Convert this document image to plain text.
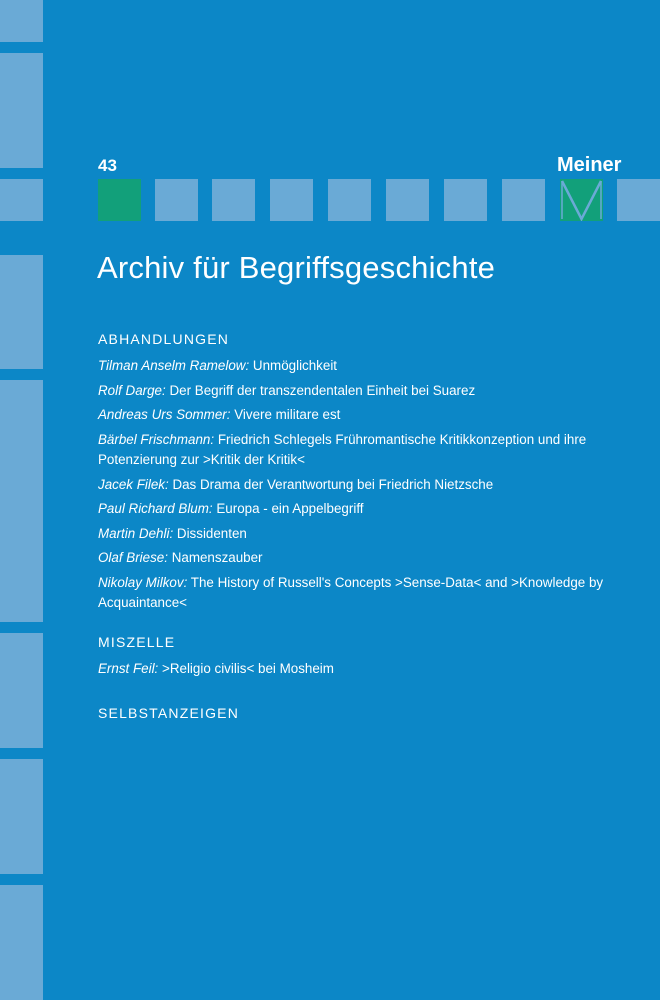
43	Meiner

Archiv für Begriffsgeschichte
ABHANDLUNGEN

Tilman Anselm Ramelow: Unmöglichkeit

Rolf Darge: Der Begriff der transzendentalen Einheit bei Suarez

Andreas Urs Sommer: Vivere militare est

Bärbel Frischmann: Friedrich Schlegels Frühromantische Kritikkonzeption und ihre Potenzierung zur >Kritik der Kritik<

Jacek Filek: Das Drama der Verantwortung bei Friedrich Nietzsche

Paul Richard Blum: Europa - ein Appelbegriff

Martin Dehli: Dissidenten

Olaf Briese: Namenszauber

Nikolay Milkov: The History of Russell's Concepts >Sense-Data< and >Knowledge by Acquaintance<

MISZELLE

Ernst Feil: >Religio civilis< bei Mosheim

SELBSTANZEIGEN
